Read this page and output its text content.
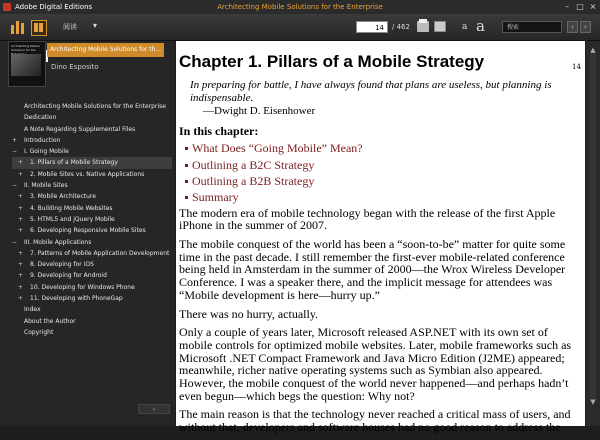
Adobe Digital Editions	Architecting Mobile Solutions for the Enterprise	– □ ×
阅读 ▾	14	/ 462	a a	搜索	‹	›
Architecting Mobile Solutions for the	Architecting Mobile Solutions for th...
Dino Esposito
Architecting Mobile Solutions for the Enterprise
Dedication
A Note Regarding Supplemental Files
+	Introduction
−	I. Going Mobile
+	1. Pillars of a Mobile Strategy
+	2. Mobile Sites vs. Native Applications
−	II. Mobile Sites
+	3. Mobile Architecture
+	4. Building Mobile Websites
+	5. HTML5 and jQuery Mobile
+	6. Developing Responsive Mobile Sites
−	III. Mobile Applications
+	7. Patterns of Mobile Application Development
+	8. Developing for iOS
+	9. Developing for Android
+	10. Developing for Windows Phone
+	11. Developing with PhoneGap
Index
About the Author
Copyright
▾
14
Chapter 1. Pillars of a Mobile Strategy

In preparing for battle, I have always found that plans are useless, but planning is indispensable.

—Dwight D. Eisenhower

In this chapter:

What Does “Going Mobile” Mean?
Outlining a B2C Strategy
Outlining a B2B Strategy
Summary

The modern era of mobile technology began with the release of the first Apple iPhone in the summer of 2007.

The mobile conquest of the world has been a “soon-to-be” matter for quite some time in the past decade. I still remember the first-ever mobile-related conference being held in Amsterdam in the summer of 2000—the Wrox Wireless Developer Conference. I was a speaker there, and the implicit message for attendees was “Mobile development is here—hurry up.”

There was no hurry, actually.

Only a couple of years later, Microsoft released ASP.NET with its own set of mobile controls for optimized mobile websites. Later, mobile frameworks such as Microsoft .NET Compact Framework and Java Micro Edition (J2ME) appeared; meanwhile, richer native operating systems such as Symbian also appeared. However, the mobile conquest of the world never happened—and perhaps hadn’t even begun—which begs the question: Why not?

The main reason is that the technology never reached a critical mass of users, and without that, developers and software houses had no good reason to address the

▲
▼
